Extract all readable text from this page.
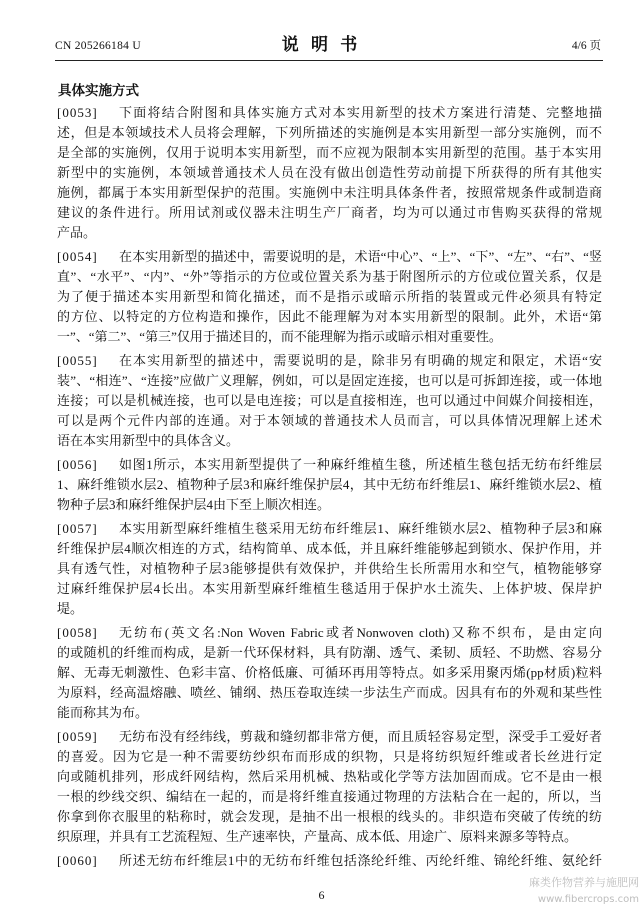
CN 205266184 U	说 明 书	4/6 页
具体实施方式
[0053]	下面将结合附图和具体实施方式对本实用新型的技术方案进行清楚、完整地描
述，但是本领域技术人员将会理解，下列所描述的实施例是本实用新型一部分实施例，而不
是全部的实施例，仅用于说明本实用新型，而不应视为限制本实用新型的范围。基于本实用
新型中的实施例，本领域普通技术人员在没有做出创造性劳动前提下所获得的所有其他实
施例，都属于本实用新型保护的范围。实施例中未注明具体条件者，按照常规条件或制造商
建议的条件进行。所用试剂或仪器未注明生产厂商者，均为可以通过市售购买获得的常规
产品。
[0054]	在本实用新型的描述中，需要说明的是，术语“中心”、“上”、“下”、“左”、“右”、“竖
直”、“水平”、“内”、“外”等指示的方位或位置关系为基于附图所示的方位或位置关系，仅是
为了便于描述本实用新型和简化描述，而不是指示或暗示所指的装置或元件必须具有特定
的方位、以特定的方位构造和操作，因此不能理解为对本实用新型的限制。此外，术语“第
一”、“第二”、“第三”仅用于描述目的，而不能理解为指示或暗示相对重要性。
[0055]	在本实用新型的描述中，需要说明的是，除非另有明确的规定和限定，术语“安
装”、“相连”、“连接”应做广义理解，例如，可以是固定连接，也可以是可拆卸连接，或一体地
连接；可以是机械连接，也可以是电连接；可以是直接相连，也可以通过中间媒介间接相连，
可以是两个元件内部的连通。对于本领域的普通技术人员而言，可以具体情况理解上述术
语在本实用新型中的具体含义。
[0056]	如图1所示，本实用新型提供了一种麻纤维植生毯，所述植生毯包括无纺布纤维层
1、麻纤维锁水层2、植物种子层3和麻纤维保护层4，其中无纺布纤维层1、麻纤维锁水层2、植
物种子层3和麻纤维保护层4由下至上顺次相连。
[0057]	本实用新型麻纤维植生毯采用无纺布纤维层1、麻纤维锁水层2、植物种子层3和麻
纤维保护层4顺次相连的方式，结构简单、成本低，并且麻纤维能够起到锁水、保护作用，并
具有透气性，对植物种子层3能够提供有效保护，并供给生长所需用水和空气，植物能够穿
过麻纤维保护层4长出。本实用新型麻纤维植生毯适用于保护水土流失、上体护坡、保岸护
堤。
[0058]	无纺布(英文名:Non Woven Fabric或者Nonwoven cloth)又称不织布，是由定向
的或随机的纤维而构成，是新一代环保材料，具有防潮、透气、柔韧、质轻、不助燃、容易分
解、无毒无刺激性、色彩丰富、价格低廉、可循环再用等特点。如多采用聚丙烯(pp材质)粒料
为原料，经高温熔融、喷丝、铺纲、热压卷取连续一步法生产而成。因具有布的外观和某些性
能而称其为布。
[0059]	无纺布没有经纬线，剪裁和缝纫都非常方便，而且质轻容易定型，深受手工爱好者
的喜爱。因为它是一种不需要纺纱织布而形成的织物，只是将纺织短纤维或者长丝进行定
向或随机排列，形成纤网结构，然后采用机械、热粘或化学等方法加固而成。它不是由一根
一根的纱线交织、编结在一起的，而是将纤维直接通过物理的方法粘合在一起的，所以，当
你拿到你衣服里的粘称时，就会发现，是抽不出一根根的线头的。非织造布突破了传统的纺
织原理，并具有工艺流程短、生产速率快，产量高、成本低、用途广、原料来源多等特点。
[0060]	所述无纺布纤维层1中的无纺布纤维包括涤纶纤维、丙纶纤维、锦纶纤维、氨纶纤
6
麻类作物营养与施肥网
www.fibercrops.com
